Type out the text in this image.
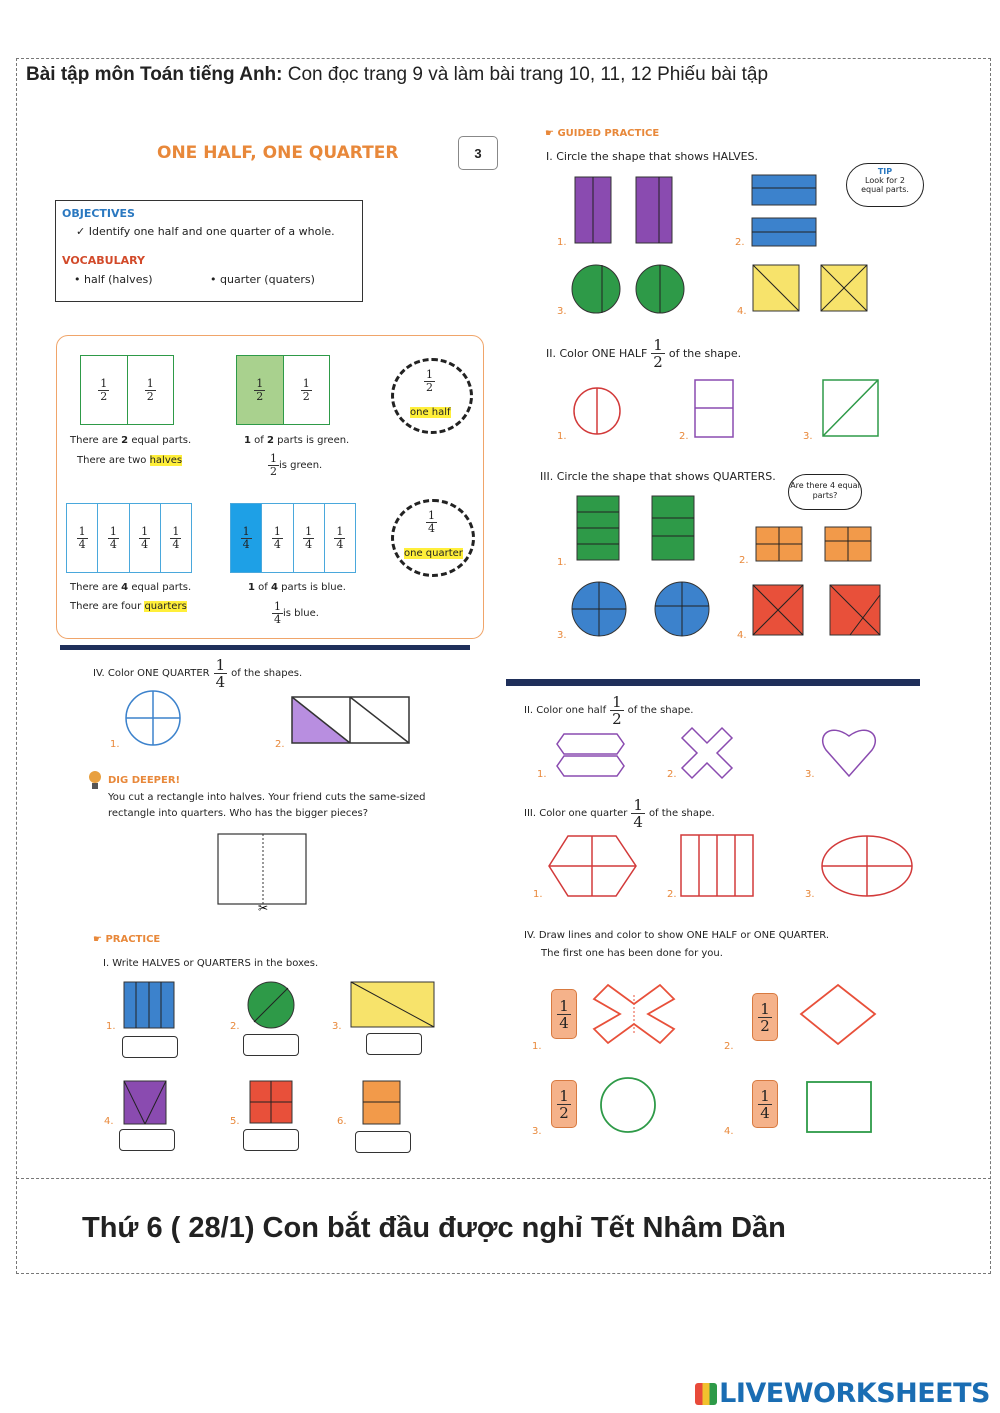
Bài tập môn Toán tiếng Anh: Con đọc trang 9 và làm bài trang 10, 11, 12 Phiếu bài tập
ONE HALF, ONE QUARTER	3
OBJECTIVES
✓ Identify one half and one quarter of a whole.
VOCABULARY
• half (halves)	• quarter (quaters)
$\frac{1}{2}$	$\frac{1}{2}$
There are 2 equal parts.
There are two halves
$\frac{1}{2}$	$\frac{1}{2}$
1 of 2 parts is green.
$\frac{1}{2}$ is green.
$\frac{1}{2}$
one half
$\frac{1}{4} \frac{1}{4} \frac{1}{4} \frac{1}{4}$
There are 4 equal parts.
There are four quarters
$\frac{1}{4} \frac{1}{4} \frac{1}{4} \frac{1}{4}$
1 of 4 parts is blue.
$\frac{1}{4}$ is blue.
$\frac{1}{4}$
one quarter
☛ GUIDED PRACTICE
I. Circle the shape that shows HALVES.
TIP
Look for 2 equal parts.
✂
II. Color ONE HALF 1
2 of the shape.
III. Circle the shape that shows QUARTERS.
Are there 4 equal parts?
1.	2.
3.	4.
1.	2.	3.
1.	2.
3.	4.
IV. Color ONE QUARTER 1
4 of the shapes.
1.	2.
DIG DEEPER!
You cut a rectangle into halves. Your friend cuts the same-sized
rectangle into quarters. Who has the bigger pieces?
☛ PRACTICE
I. Write HALVES or QUARTERS in the boxes.
1.	2.	3.
4.	5.	6.
II. Color one half 1
2 of the shape.
1.	2.	3.
III. Color one quarter 1
4 of the shape.
1.	2.	3.
IV. Draw lines and color to show ONE HALF or ONE QUARTER.
The first one has been done for you.
1
4
1
2
1
2
1
4
1.	2.
3.	4.
Thứ 6 ( 28/1) Con bắt đầu được nghỉ Tết Nhâm Dần
LIVEWORKSHEETS
